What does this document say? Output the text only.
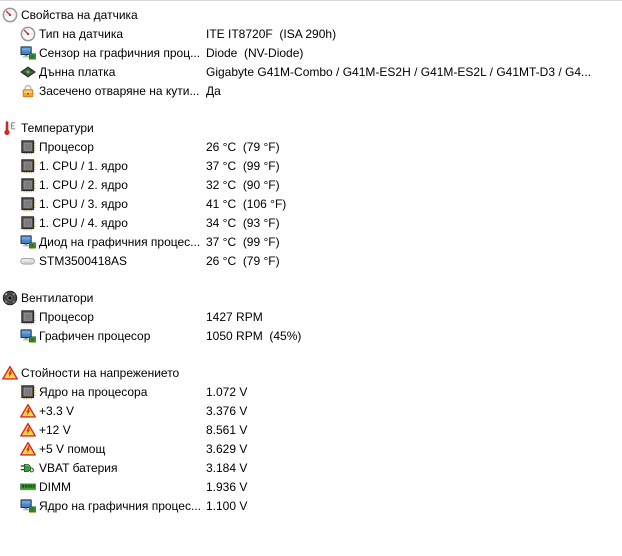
Свойства на датчика
Тип на датчика	ITE IT8720F  (ISA 290h)
Сензор на графичния проц... Diode  (NV-Diode)
Дънна платка	Gigabyte G41M-Combo / G41M-ES2H / G41M-ES2L / G41MT-D3 / G4...
Засечено отваряне на кути... Да
Температури
Процесор	26 °C  (79 °F)
1. CPU / 1. ядро	37 °C  (99 °F)
1. CPU / 2. ядро	32 °C  (90 °F)
1. CPU / 3. ядро	41 °C  (106 °F)
1. CPU / 4. ядро	34 °C  (93 °F)
Диод на графичния процес... 37 °C  (99 °F)
STM3500418AS	26 °C  (79 °F)
Вентилатори
Процесор	1427 RPM
Графичен процесор	1050 RPM  (45%)
Стойности на напрежението
Ядро на процесора	1.072 V
+3.3 V	3.376 V
+12 V	8.561 V
+5 V помощ	3.629 V
VBAT батерия	3.184 V
DIMM	1.936 V
Ядро на графичния процес... 1.100 V
